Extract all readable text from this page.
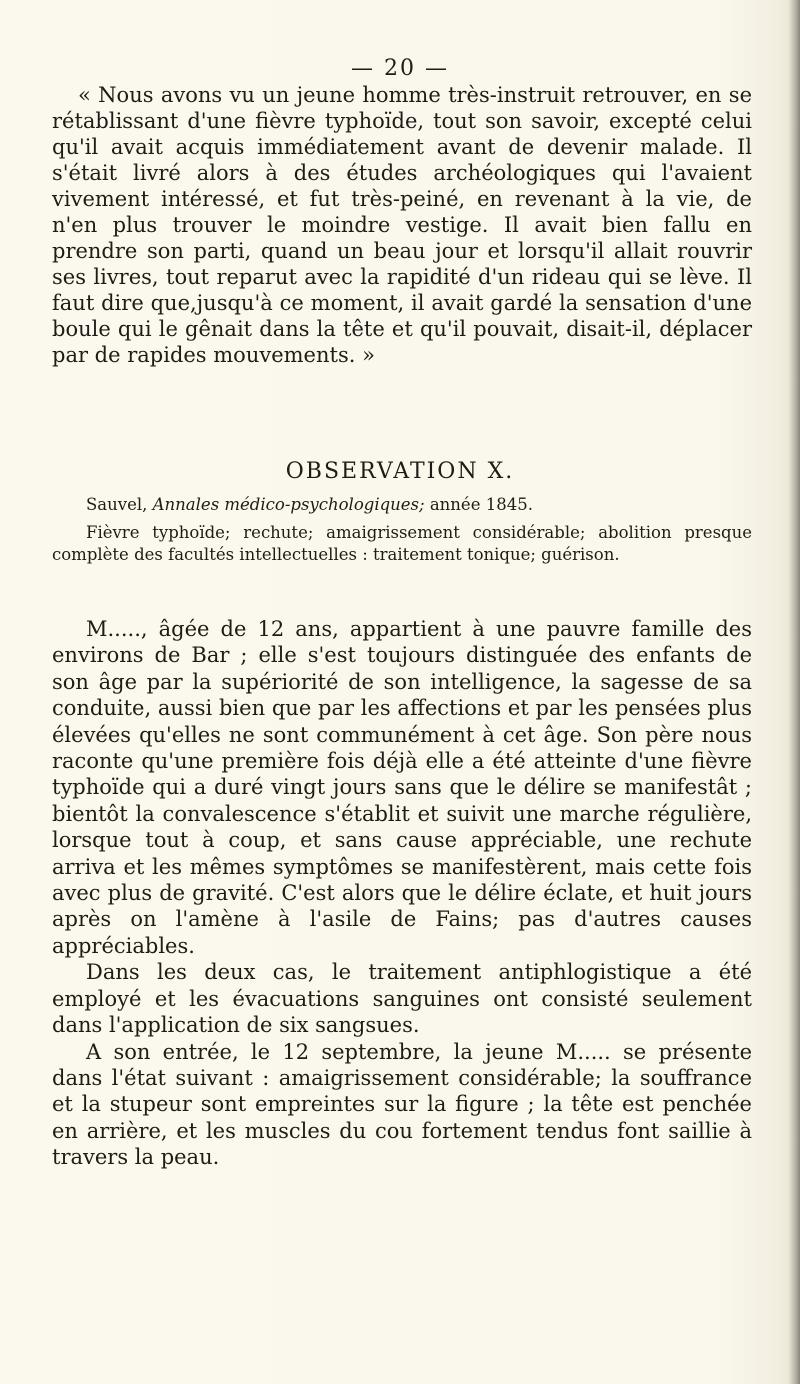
— 20 —

« Nous avons vu un jeune homme très-instruit retrouver, en se rétablissant d'une fièvre typhoïde, tout son savoir, excepté celui qu'il avait acquis immédiatement avant de devenir malade. Il s'était livré alors à des études archéologiques qui l'avaient vivement intéressé, et fut très-peiné, en revenant à la vie, de n'en plus trouver le moindre vestige. Il avait bien fallu en prendre son parti, quand un beau jour et lorsqu'il allait rouvrir ses livres, tout reparut avec la rapidité d'un rideau qui se lève. Il faut dire que,jusqu'à ce moment, il avait gardé la sensation d'une boule qui le gênait dans la tête et qu'il pouvait, disait-il, déplacer par de rapides mouvements. »

OBSERVATION X.
Sauvel, Annales médico-psychologiques; année 1845.

Fièvre typhoïde; rechute; amaigrissement considérable; abolition presque complète des facultés intellectuelles : traitement tonique; guérison.

M....., âgée de 12 ans, appartient à une pauvre famille des environs de Bar ; elle s'est toujours distinguée des enfants de son âge par la supériorité de son intelligence, la sagesse de sa conduite, aussi bien que par les affections et par les pensées plus élevées qu'elles ne sont communément à cet âge. Son père nous raconte qu'une première fois déjà elle a été atteinte d'une fièvre typhoïde qui a duré vingt jours sans que le délire se manifestât ; bientôt la convalescence s'établit et suivit une marche régulière, lorsque tout à coup, et sans cause appréciable, une rechute arriva et les mêmes symptômes se manifestèrent, mais cette fois avec plus de gravité. C'est alors que le délire éclate, et huit jours après on l'amène à l'asile de Fains; pas d'autres causes appréciables.

Dans les deux cas, le traitement antiphlogistique a été employé et les évacuations sanguines ont consisté seulement dans l'application de six sangsues.

A son entrée, le 12 septembre, la jeune M..... se présente dans l'état suivant : amaigrissement considérable; la souffrance et la stupeur sont empreintes sur la figure ; la tête est penchée en arrière, et les muscles du cou fortement tendus font saillie à travers la peau.
